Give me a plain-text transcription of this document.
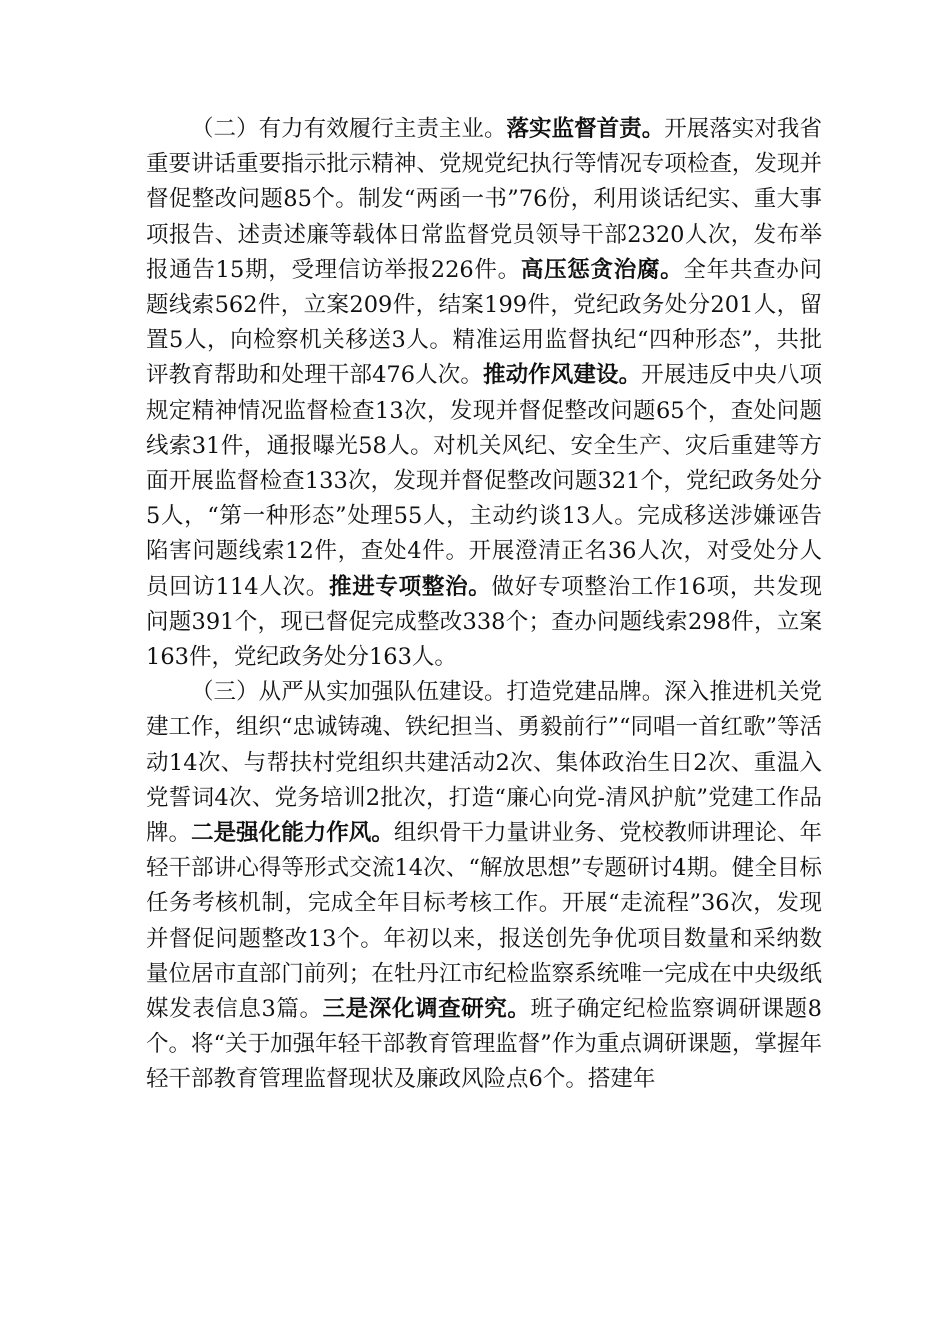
（二）有力有效履行主责主业。落实监督首责。开展落实对我省重要讲话重要指示批示精神、党规党纪执行等情况专项检查，发现并督促整改问题85个。制发“两函一书”76份，利用谈话纪实、重大事项报告、述责述廉等载体日常监督党员领导干部2320人次，发布举报通告15期，受理信访举报226件。高压惩贪治腐。全年共查办问题线索562件，立案209件，结案199件，党纪政务处分201人，留置5人，向检察机关移送3人。精准运用监督执纪“四种形态”，共批评教育帮助和处理干部476人次。推动作风建设。开展违反中央八项规定精神情况监督检查13次，发现并督促整改问题65个，查处问题线索31件，通报曝光58人。对机关风纪、安全生产、灾后重建等方面开展监督检查133次，发现并督促整改问题321个，党纪政务处分5人，“第一种形态”处理55人，主动约谈13人。完成移送涉嫌诬告陷害问题线索12件，查处4件。开展澄清正名36人次，对受处分人员回访114人次。推进专项整治。做好专项整治工作16项，共发现问题391个，现已督促完成整改338个；查办问题线索298件，立案163件，党纪政务处分163人。

（三）从严从实加强队伍建设。打造党建品牌。深入推进机关党建工作，组织“忠诚铸魂、铁纪担当、勇毅前行”“同唱一首红歌”等活动14次、与帮扶村党组织共建活动2次、集体政治生日2次、重温入党誓词4次、党务培训2批次，打造“廉心向党-清风护航”党建工作品牌。二是强化能力作风。组织骨干力量讲业务、党校教师讲理论、年轻干部讲心得等形式交流14次、“解放思想”专题研讨4期。健全目标任务考核机制，完成全年目标考核工作。开展“走流程”36次，发现并督促问题整改13个。年初以来，报送创先争优项目数量和采纳数量位居市直部门前列；在牡丹江市纪检监察系统唯一完成在中央级纸媒发表信息3篇。三是深化调查研究。班子确定纪检监察调研课题8个。将“关于加强年轻干部教育管理监督”作为重点调研课题，掌握年轻干部教育管理监督现状及廉政风险点6个。搭建年
